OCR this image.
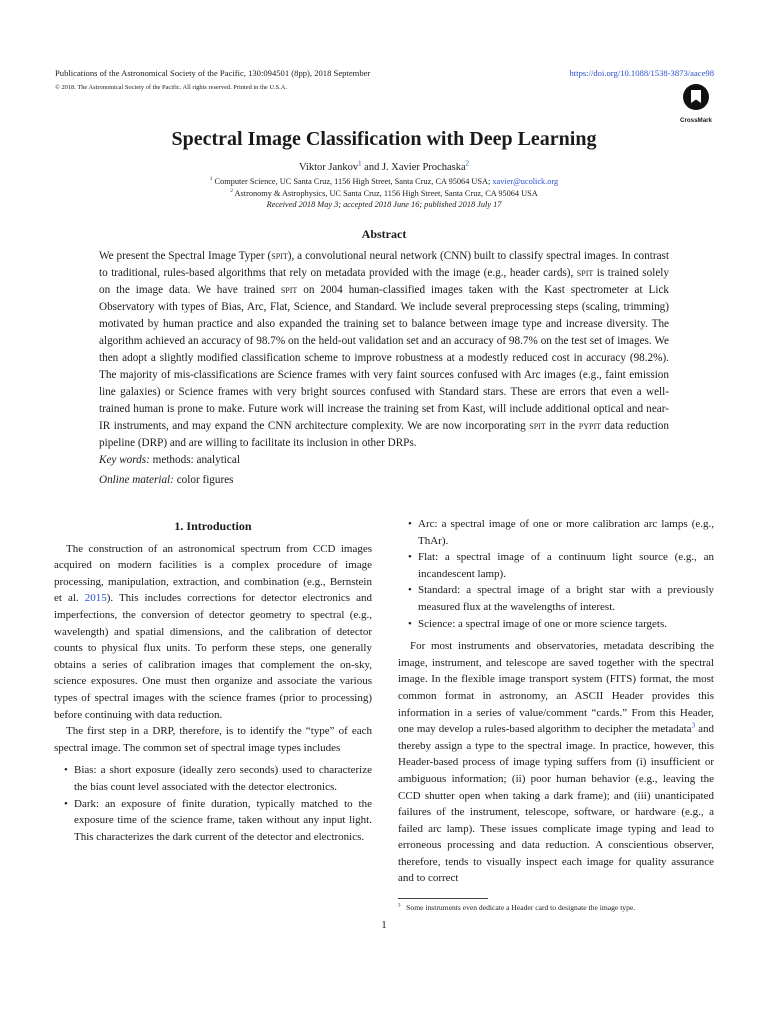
Publications of the Astronomical Society of the Pacific, 130:094501 (8pp), 2018 September
© 2018. The Astronomical Society of the Pacific. All rights reserved. Printed in the U.S.A.
https://doi.org/10.1088/1538-3873/aace98
CrossMark
Spectral Image Classification with Deep Learning
Viktor Jankov$^1$ and J. Xavier Prochaska$^2$
$^1$ Computer Science, UC Santa Cruz, 1156 High Street, Santa Cruz, CA 95064 USA; xavier@ucolick.org
$^2$ Astronomy & Astrophysics, UC Santa Cruz, 1156 High Street, Santa Cruz, CA 95064 USA
Received 2018 May 3; accepted 2018 June 16; published 2018 July 17
Abstract
We present the Spectral Image Typer (spit), a convolutional neural network (CNN) built to classify spectral images. In contrast to traditional, rules-based algorithms that rely on metadata provided with the image (e.g., header cards), spit is trained solely on the image data. We have trained spit on 2004 human-classified images taken with the Kast spectrometer at Lick Observatory with types of Bias, Arc, Flat, Science, and Standard. We include several preprocessing steps (scaling, trimming) motivated by human practice and also expanded the training set to balance between image type and increase diversity. The algorithm achieved an accuracy of 98.7% on the held-out validation set and an accuracy of 98.7% on the test set of images. We then adopt a slightly modified classification scheme to improve robustness at a modestly reduced cost in accuracy (98.2%). The majority of mis-classifications are Science frames with very faint sources confused with Arc images (e.g., faint emission line galaxies) or Science frames with very bright sources confused with Standard stars. These are errors that even a well-trained human is prone to make. Future work will increase the training set from Kast, will include additional optical and near-IR instruments, and may expand the CNN architecture complexity. We are now incorporating spit in the pypit data reduction pipeline (DRP) and are willing to facilitate its inclusion in other DRPs.
Key words: methods: analytical
Online material: color figures
1. Introduction

The construction of an astronomical spectrum from CCD images acquired on modern facilities is a complex procedure of image processing, manipulation, extraction, and combination (e.g., Bernstein et al. 2015). This includes corrections for detector electronics and imperfections, the conversion of detector geometry to spectral (e.g., wavelength) and spatial dimensions, and the calibration of detector counts to physical flux units. To perform these steps, one generally obtains a series of calibration images that complement the on-sky, science exposures. One must then organize and associate the various types of spectral images with the science frames (prior to processing) before continuing with data reduction.

The first step in a DRP, therefore, is to identify the “type” of each spectral image. The common set of spectral image types includes

• Bias: a short exposure (ideally zero seconds) used to characterize the bias count level associated with the detector electronics.
• Dark: an exposure of finite duration, typically matched to the exposure time of the science frame, taken without any input light. This characterizes the dark current of the detector and electronics.
• Arc: a spectral image of one or more calibration arc lamps (e.g., ThAr).
• Flat: a spectral image of a continuum light source (e.g., an incandescent lamp).
• Standard: a spectral image of a bright star with a previously measured flux at the wavelengths of interest.
• Science: a spectral image of one or more science targets.

For most instruments and observatories, metadata describing the image, instrument, and telescope are saved together with the spectral image. In the flexible image transport system (FITS) format, the most common format in astronomy, an ASCII Header provides this information in a series of value/comment “cards.” From this Header, one may develop a rules-based algorithm to decipher the metadata$^3$ and thereby assign a type to the spectral image. In practice, however, this Header-based process of image typing suffers from (i) insufficient or ambiguous information; (ii) poor human behavior (e.g., leaving the CCD shutter open when taking a dark frame); and (iii) unanticipated failures of the instrument, telescope, software, or hardware (e.g., a failed arc lamp). These issues complicate image typing and lead to erroneous processing and data reduction. A conscientious observer, therefore, tends to visually inspect each image for quality assurance and to correct

$^3$ Some instruments even dedicate a Header card to designate the image type.
1
